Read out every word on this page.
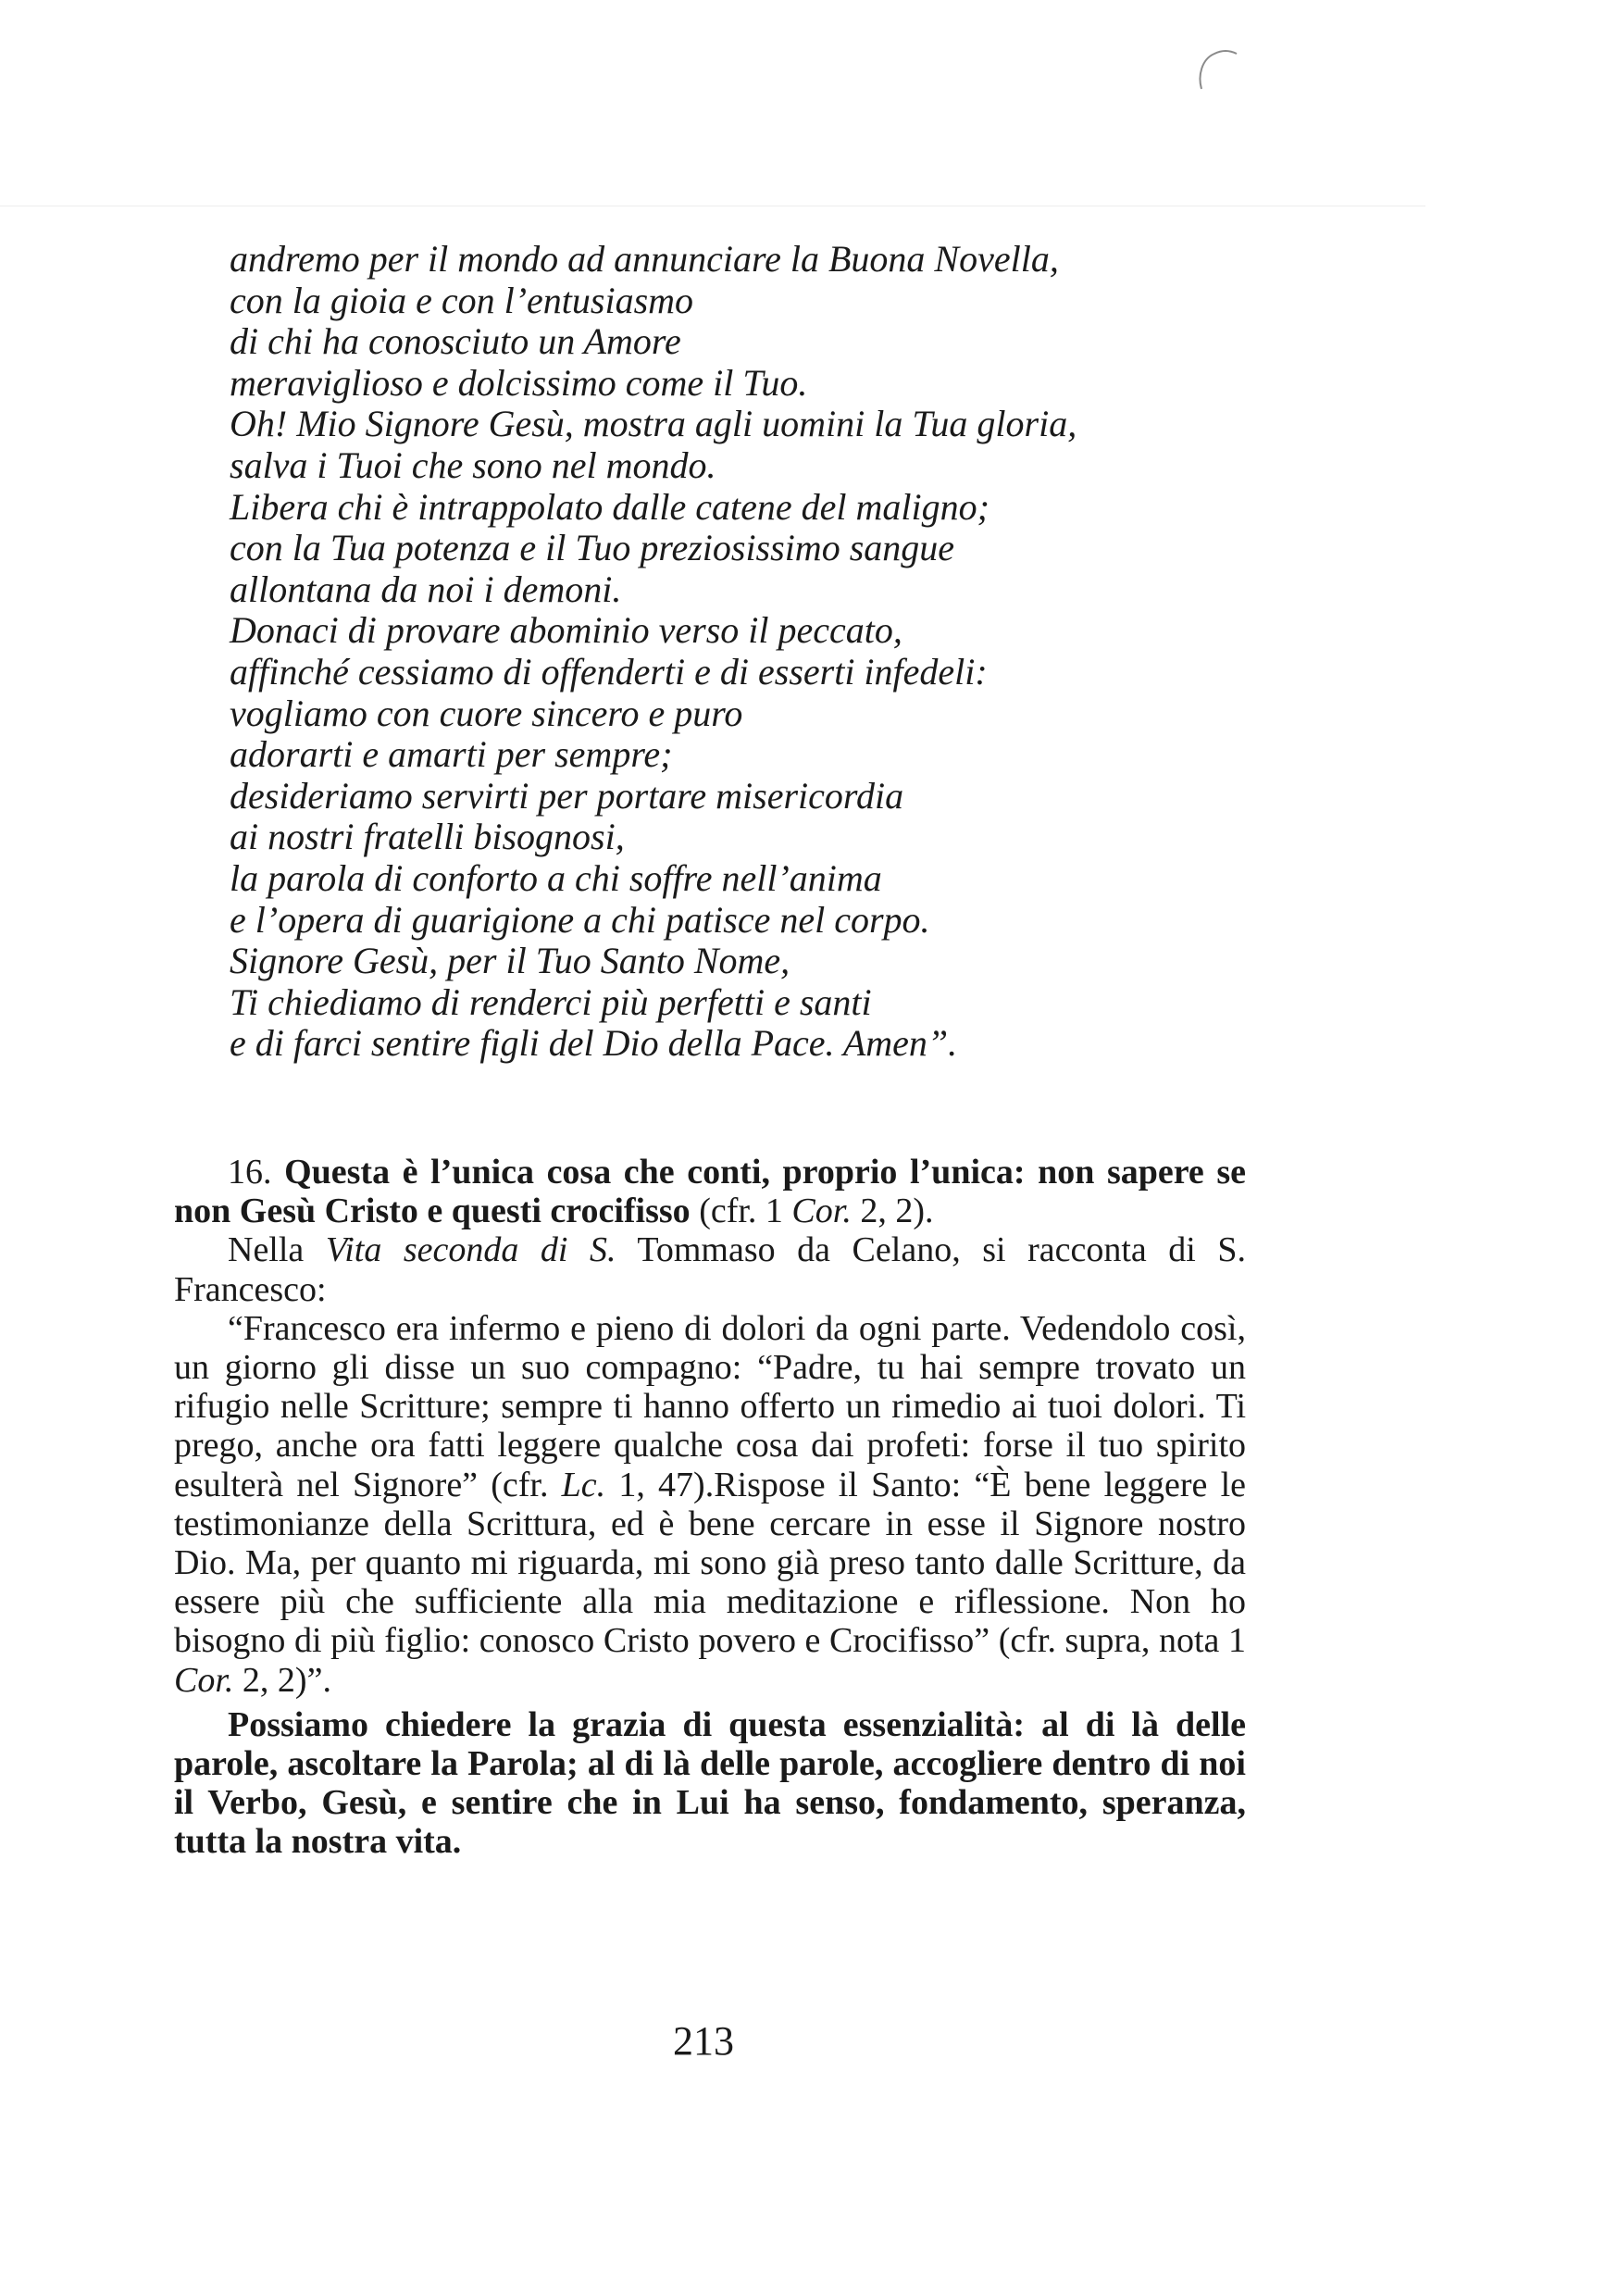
andremo per il mondo ad annunciare la Buona Novella,
con la gioia e con l’entusiasmo
di chi ha conosciuto un Amore
meraviglioso e dolcissimo come il Tuo.
Oh! Mio Signore Gesù, mostra agli uomini la Tua gloria,
salva i Tuoi che sono nel mondo.
Libera chi è intrappolato dalle catene del maligno;
con la Tua potenza e il Tuo preziosissimo sangue
allontana da noi i demoni.
Donaci di provare abominio verso il peccato,
affinché cessiamo di offenderti e di esserti infedeli:
vogliamo con cuore sincero e puro
adorarti e amarti per sempre;
desideriamo servirti per portare misericordia
ai nostri fratelli bisognosi,
la parola di conforto a chi soffre nell’anima
e l’opera di guarigione a chi patisce nel corpo.
Signore Gesù, per il Tuo Santo Nome,
Ti chiediamo di renderci più perfetti e santi
e di farci sentire figli del Dio della Pace. Amen”.

16. Questa è l’unica cosa che conti, proprio l’unica: non sapere se non Gesù Cristo e questi crocifisso (cfr. 1 Cor. 2, 2).

Nella Vita seconda di S. Tommaso da Celano, si racconta di S. Francesco:

“Francesco era infermo e pieno di dolori da ogni parte. Vedendolo così, un giorno gli disse un suo compagno: “Padre, tu hai sempre trovato un rifugio nelle Scritture; sempre ti hanno offerto un rimedio ai tuoi dolori. Ti prego, anche ora fatti leggere qualche cosa dai profeti: forse il tuo spirito esulterà nel Signore” (cfr. Lc. 1, 47).Rispose il Santo: “È bene leggere le testimonianze della Scrittura, ed è bene cercare in esse il Signore nostro Dio. Ma, per quanto mi riguarda, mi sono già preso tanto dalle Scritture, da essere più che sufficiente alla mia meditazione e riflessione. Non ho bisogno di più figlio: conosco Cristo povero e Crocifisso” (cfr. supra, nota 1 Cor. 2, 2)”.

Possiamo chiedere la grazia di questa essenzialità: al di là delle parole, ascoltare la Parola; al di là delle parole, accogliere dentro di noi il Verbo, Gesù, e sentire che in Lui ha senso, fondamento, speranza, tutta la nostra vita.

213
